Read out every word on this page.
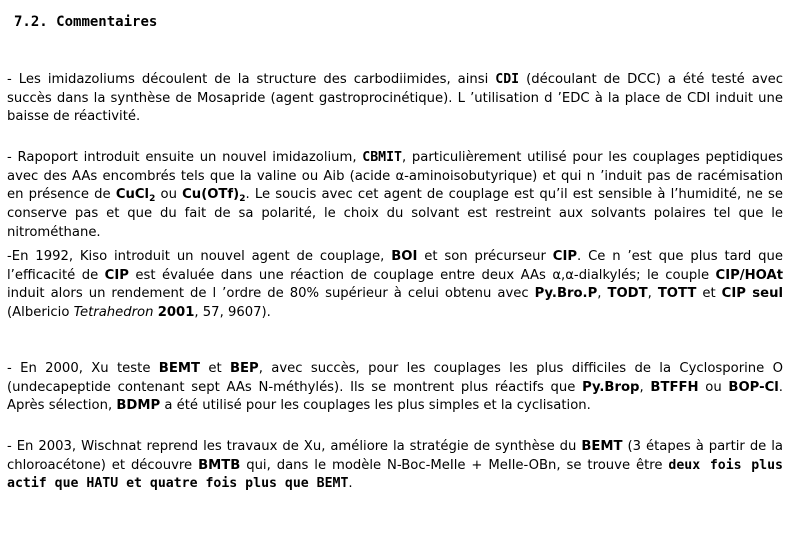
7.2. Commentaires

- Les imidazoliums découlent de la structure des carbodiimides, ainsi CDI (découlant de DCC) a été testé avec succès dans la synthèse de Mosapride (agent gastroprocinétique). L ’utilisation d ’EDC à la place de CDI induit une baisse de réactivité.

- Rapoport introduit ensuite un nouvel imidazolium, CBMIT, particulièrement utilisé pour les couplages peptidiques avec des AAs encombrés tels que la valine ou Aib (acide α-aminoisobutyrique) et qui n ’induit pas de racémisation en présence de CuCl$_2$ ou $Cu(OTf)_2$. Le soucis avec cet agent de couplage est qu’il est sensible à l’humidité, ne se conserve pas et que du fait de sa polarité, le choix du solvant est restreint aux solvants polaires tel que le nitrométhane.

-En 1992, Kiso introduit un nouvel agent de couplage, BOI et son précurseur CIP. Ce n ’est que plus tard que l’efficacité de CIP est évaluée dans une réaction de couplage entre deux AAs α,α-dialkylés; le couple CIP/HOAt induit alors un rendement de l ’ordre de 80% supérieur à celui obtenu avec Py.Bro.P, TODT, TOTT et CIP seul (Albericio Tetrahedron 2001, 57, 9607).

- En 2000, Xu teste BEMT et BEP, avec succès, pour les couplages les plus difficiles de la Cyclosporine O (undecapeptide contenant sept AAs N-méthylés). Ils se montrent plus réactifs que Py.Brop, BTFFH ou BOP-Cl. Après sélection, BDMP a été utilisé pour les couplages les plus simples et la cyclisation.

- En 2003, Wischnat reprend les travaux de Xu, améliore la stratégie de synthèse du BEMT (3 étapes à partir de la chloroacétone) et découvre BMTB qui, dans le modèle N-Boc-MeIle + MeIle-OBn, se trouve être deux fois plus actif que HATU et quatre fois plus que BEMT.
